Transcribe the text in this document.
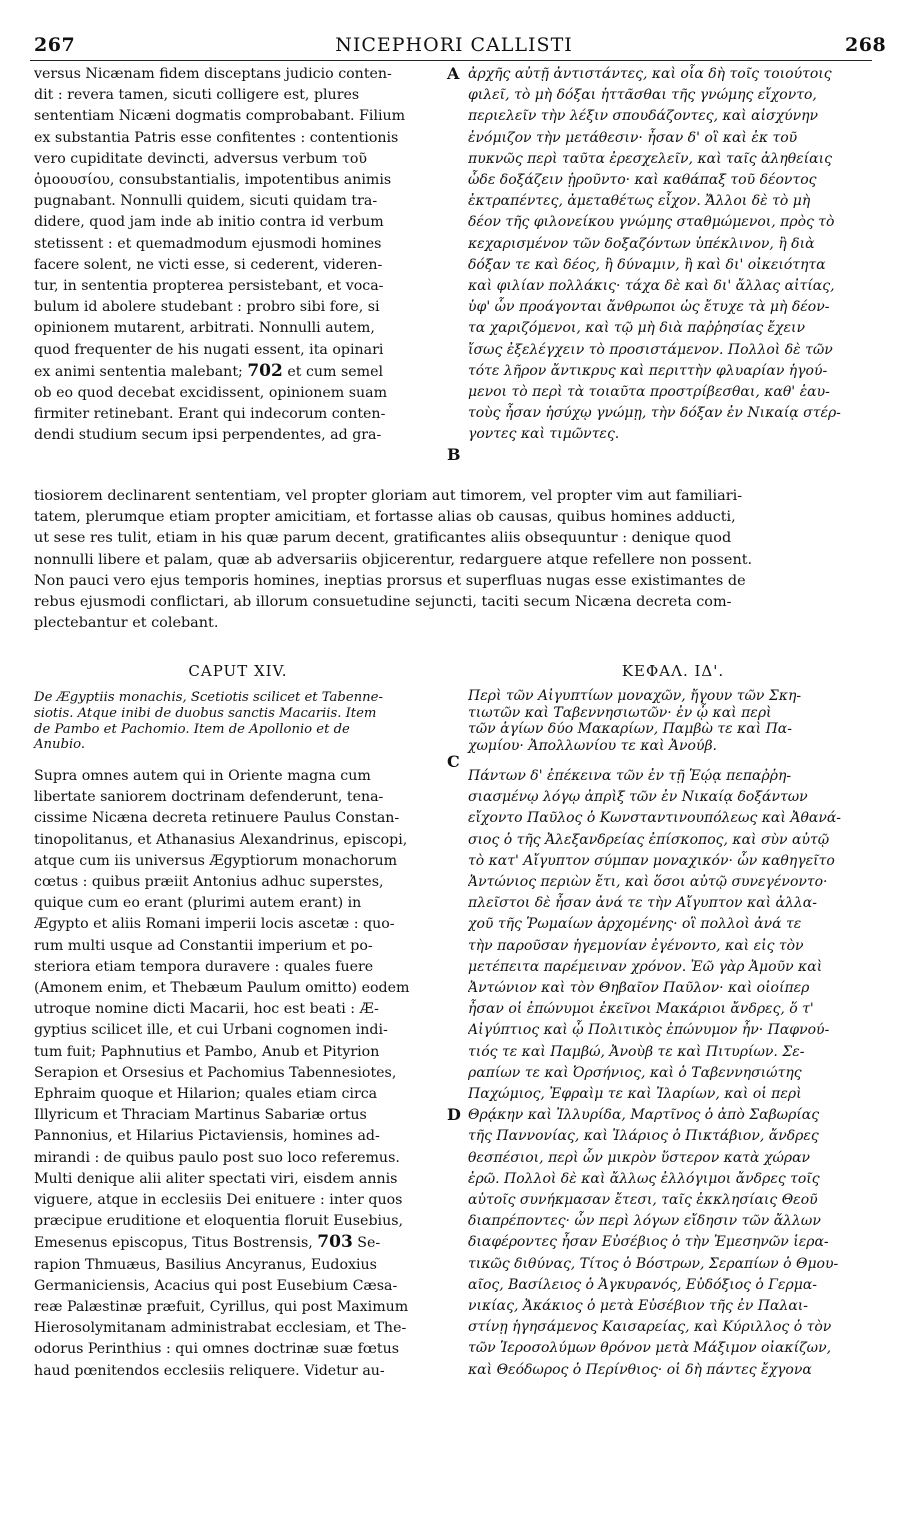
267	NICEPHORI CALLISTI	268
versus Nicænam fidem disceptans judicio conten-
dit : revera tamen, sicuti colligere est, plures
sententiam Nicæni dogmatis comprobabant. Filium
ex substantia Patris esse confitentes : contentionis
vero cupiditate devincti, adversus verbum τοῦ
ὁμοουσίου, consubstantialis, impotentibus animis
pugnabant. Nonnulli quidem, sicuti quidam tra-
didere, quod jam inde ab initio contra id verbum
stetissent : et quemadmodum ejusmodi homines
facere solent, ne victi esse, si cederent, videren-
tur, in sententia propterea persistebant, et voca-
bulum id abolere studebant : probro sibi fore, si
opinionem mutarent, arbitrati. Nonnulli autem,
quod frequenter de his nugati essent, ita opinari
ex animi sententia malebant; 702 et cum semel
ob eo quod decebat excidissent, opinionem suam
firmiter retinebant. Erant qui indecorum conten-
dendi studium secum ipsi perpendentes, ad gra-
A
B
ἀρχῆς αὐτῇ ἀντιστάντες, καὶ οἷα δὴ τοῖς τοιούτοις
φιλεῖ, τὸ μὴ δόξαι ἡττᾶσθαι τῆς γνώμης εἴχοντο,
περιελεῖν τὴν λέξιν σπουδάζοντες, καὶ αἰσχύνην
ἐνόμιζον τὴν μετάθεσιν· ἦσαν δ' οἳ καὶ ἐκ τοῦ
πυκνῶς περὶ ταῦτα ἐρεσχελεῖν, καὶ ταῖς ἀληθείαις
ὧδε δοξάζειν ᾑροῦντο· καὶ καθάπαξ τοῦ δέοντος
ἐκτραπέντες, ἀμεταθέτως εἶχον. Ἄλλοι δὲ τὸ μὴ
δέον τῆς φιλονείκου γνώμης σταθμώμενοι, πρὸς τὸ
κεχαρισμένον τῶν δοξαζόντων ὑπέκλινον, ἢ διὰ
δόξαν τε καὶ δέος, ἢ δύναμιν, ἢ καὶ δι' οἰκειότητα
καὶ φιλίαν πολλάκις· τάχα δὲ καὶ δι' ἄλλας αἰτίας,
ὑφ' ὧν προάγονται ἄνθρωποι ὡς ἔτυχε τὰ μὴ δέον-
τα χαριζόμενοι, καὶ τῷ μὴ διὰ παῤῥησίας ἔχειν
ἴσως ἐξελέγχειν τὸ προσιστάμενον. Πολλοὶ δὲ τῶν
τότε λῆρον ἄντικρυς καὶ περιττὴν φλυαρίαν ἡγού-
μενοι τὸ περὶ τὰ τοιαῦτα προστρίβεσθαι, καθ' ἑαυ-
τοὺς ἦσαν ἡσύχῳ γνώμῃ, τὴν δόξαν ἐν Νικαίᾳ στέρ-
γοντες καὶ τιμῶντες.
tiosiorem declinarent sententiam, vel propter gloriam aut timorem, vel propter vim aut familiari-
tatem, plerumque etiam propter amicitiam, et fortasse alias ob causas, quibus homines adducti,
ut sese res tulit, etiam in his quæ parum decent, gratificantes aliis obsequuntur : denique quod
nonnulli libere et palam, quæ ab adversariis objicerentur, redarguere atque refellere non possent.
Non pauci vero ejus temporis homines, ineptias prorsus et superfluas nugas esse existimantes de
rebus ejusmodi conflictari, ab illorum consuetudine sejuncti, taciti secum Nicæna decreta com-
plectebantur et colebant.
CAPUT XIV.	ΚΕΦΑΛ. ΙΔ'.
De Ægyptiis monachis, Scetiotis scilicet et Tabenne-
siotis. Atque inibi de duobus sanctis Macariis. Item
de Pambo et Pachomio. Item de Apollonio et de
Anubio.
Περὶ τῶν Αἰγυπτίων μοναχῶν, ἤγουν τῶν Σκη-
τιωτῶν καὶ Ταβεννησιωτῶν· ἐν ᾧ καὶ περὶ
τῶν ἁγίων δύο Μακαρίων, Παμβὼ τε καὶ Πα-
χωμίου· Ἀπολλωνίου τε καὶ Ἀνούβ.
C
D
Supra omnes autem qui in Oriente magna cum
libertate saniorem doctrinam defenderunt, tena-
cissime Nicæna decreta retinuere Paulus Constan-
tinopolitanus, et Athanasius Alexandrinus, episcopi,
atque cum iis universus Ægyptiorum monachorum
cœtus : quibus præiit Antonius adhuc superstes,
quique cum eo erant (plurimi autem erant) in
Ægypto et aliis Romani imperii locis ascetæ : quo-
rum multi usque ad Constantii imperium et po-
steriora etiam tempora duravere : quales fuere
(Amonem enim, et Thebæum Paulum omitto) eodem
utroque nomine dicti Macarii, hoc est beati : Æ-
gyptius scilicet ille, et cui Urbani cognomen indi-
tum fuit; Paphnutius et Pambo, Anub et Pityrion
Serapion et Orsesius et Pachomius Tabennesiotes,
Ephraim quoque et Hilarion; quales etiam circa
Illyricum et Thraciam Martinus Sabariæ ortus
Pannonius, et Hilarius Pictaviensis, homines ad-
mirandi : de quibus paulo post suo loco referemus.
Multi denique alii aliter spectati viri, eisdem annis
viguere, atque in ecclesiis Dei enituere : inter quos
præcipue eruditione et eloquentia floruit Eusebius,
Emesenus episcopus, Titus Bostrensis, 703 Se-
rapion Thmuæus, Basilius Ancyranus, Eudoxius
Germaniciensis, Acacius qui post Eusebium Cæsa-
reæ Palæstinæ præfuit, Cyrillus, qui post Maximum
Hierosolymitanam administrabat ecclesiam, et The-
odorus Perinthius : qui omnes doctrinæ suæ fœtus
haud pœnitendos ecclesiis reliquere. Videtur au-
Πάντων δ' ἐπέκεινα τῶν ἐν τῇ Ἑῴᾳ πεπαῤῥη-
σιασμένῳ λόγῳ ἀπρὶξ τῶν ἐν Νικαίᾳ δοξάντων
εἴχοντο Παῦλος ὁ Κωνσταντινουπόλεως καὶ Ἀθανά-
σιος ὁ τῆς Ἀλεξανδρείας ἐπίσκοπος, καὶ σὺν αὐτῷ
τὸ κατ' Αἴγυπτον σύμπαν μοναχικόν· ὧν καθηγεῖτο
Ἀντώνιος περιὼν ἔτι, καὶ ὅσοι αὐτῷ συνεγένοντο·
πλεῖστοι δὲ ἦσαν ἀνά τε τὴν Αἴγυπτον καὶ ἀλλα-
χοῦ τῆς Ῥωμαίων ἀρχομένης· οἳ πολλοὶ ἀνά τε
τὴν παροῦσαν ἡγεμονίαν ἐγένοντο, καὶ εἰς τὸν
μετέπειτα παρέμειναν χρόνον. Ἐῶ γὰρ Ἀμοῦν καὶ
Ἀντώνιον καὶ τὸν Θηβαῖον Παῦλον· καὶ οἱοίπερ
ἦσαν οἱ ἐπώνυμοι ἐκεῖνοι Μακάριοι ἄνδρες, ὅ τ'
Αἰγύπτιος καὶ ᾧ Πολιτικὸς ἐπώνυμον ἦν· Παφνού-
τιός τε καὶ Παμβώ, Ἀνοὺβ τε καὶ Πιτυρίων. Σε-
ραπίων τε καὶ Ὀρσήνιος, καὶ ὁ Ταβεννησιώτης
Παχώμιος, Ἐφραὶμ τε καὶ Ἰλαρίων, καὶ οἱ περὶ
Θρᾴκην καὶ Ἰλλυρίδα, Μαρτῖνος ὁ ἀπὸ Σαβωρίας
τῆς Παννονίας, καὶ Ἰλάριος ὁ Πικτάβιον, ἄνδρες
θεσπέσιοι, περὶ ὧν μικρὸν ὕστερον κατὰ χώραν
ἐρῶ. Πολλοὶ δὲ καὶ ἄλλως ἐλλόγιμοι ἄνδρες τοῖς
αὐτοῖς συνήκμασαν ἔτεσι, ταῖς ἐκκλησίαις Θεοῦ
διαπρέποντες· ὧν περὶ λόγων εἴδησιν τῶν ἄλλων
διαφέροντες ἦσαν Εὐσέβιος ὁ τὴν Ἐμεσηνῶν ἱερα-
τικῶς διθύνας, Τίτος ὁ Βόστρων, Σεραπίων ὁ Θμου-
αῖος, Βασίλειος ὁ Ἀγκυρανός, Εὐδόξιος ὁ Γερμα-
νικίας, Ἀκάκιος ὁ μετὰ Εὐσέβιον τῆς ἐν Παλαι-
στίνῃ ἡγησάμενος Καισαρείας, καὶ Κύριλλος ὁ τὸν
τῶν Ἱεροσολύμων θρόνον μετὰ Μάξιμον οἰακίζων,
καὶ Θεόδωρος ὁ Περίνθιος· οἱ δὴ πάντες ἔχγονα
